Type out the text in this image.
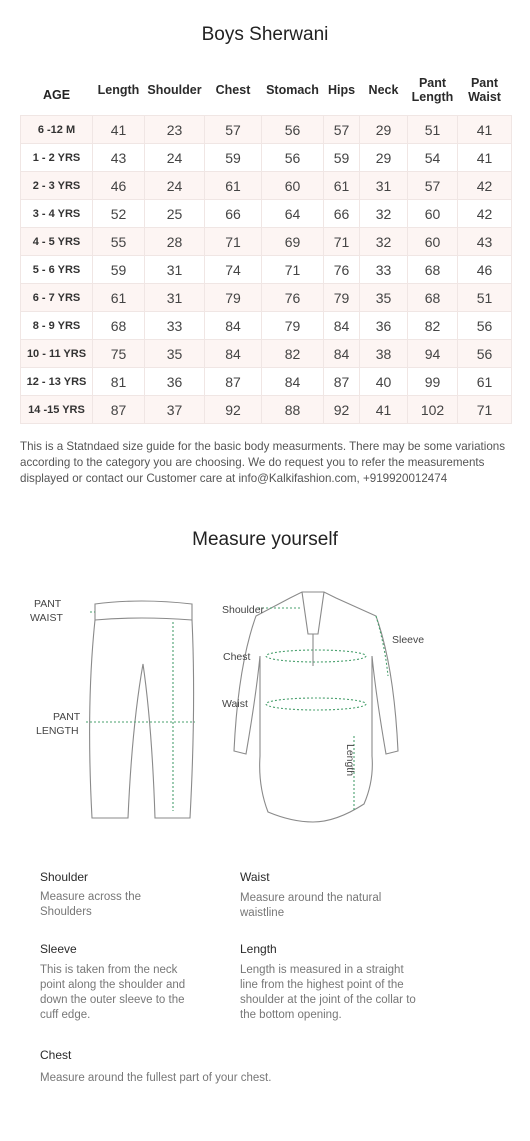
Boys Sherwani
AGE	Length	Shoulder	Chest	Stomach	Hips	Neck	Pant Length	Pant Waist
6 -12 M	41	23	57	56	57	29	51	41
1 - 2 YRS	43	24	59	56	59	29	54	41
2 - 3 YRS	46	24	61	60	61	31	57	42
3 - 4 YRS	52	25	66	64	66	32	60	42
4 - 5 YRS	55	28	71	69	71	32	60	43
5 - 6 YRS	59	31	74	71	76	33	68	46
6 - 7 YRS	61	31	79	76	79	35	68	51
8 - 9 YRS	68	33	84	79	84	36	82	56
10 - 11 YRS	75	35	84	82	84	38	94	56
12 - 13 YRS	81	36	87	84	87	40	99	61
14 -15 YRS	87	37	92	88	92	41	102	71
This is a Statndaed size guide for the basic body measurments. There may be some variations according to the category you are choosing. We do request you to refer the measurements displayed or contact our Customer care at info@Kalkifashion.com, +919920012474
Measure yourself
PANT
WAIST
PANT
LENGTH
Shoulder
Chest
Waist
Sleeve
Length
Shoulder
Measure across the Shoulders
Waist
Measure around the natural waistline
Sleeve
This is taken from the neck point along the shoulder and down the outer sleeve to the cuff edge.
Length
Length is measured in a straight line from the highest point of the shoulder at the joint of the collar to the bottom opening.
Chest
Measure around the fullest part of your chest.
